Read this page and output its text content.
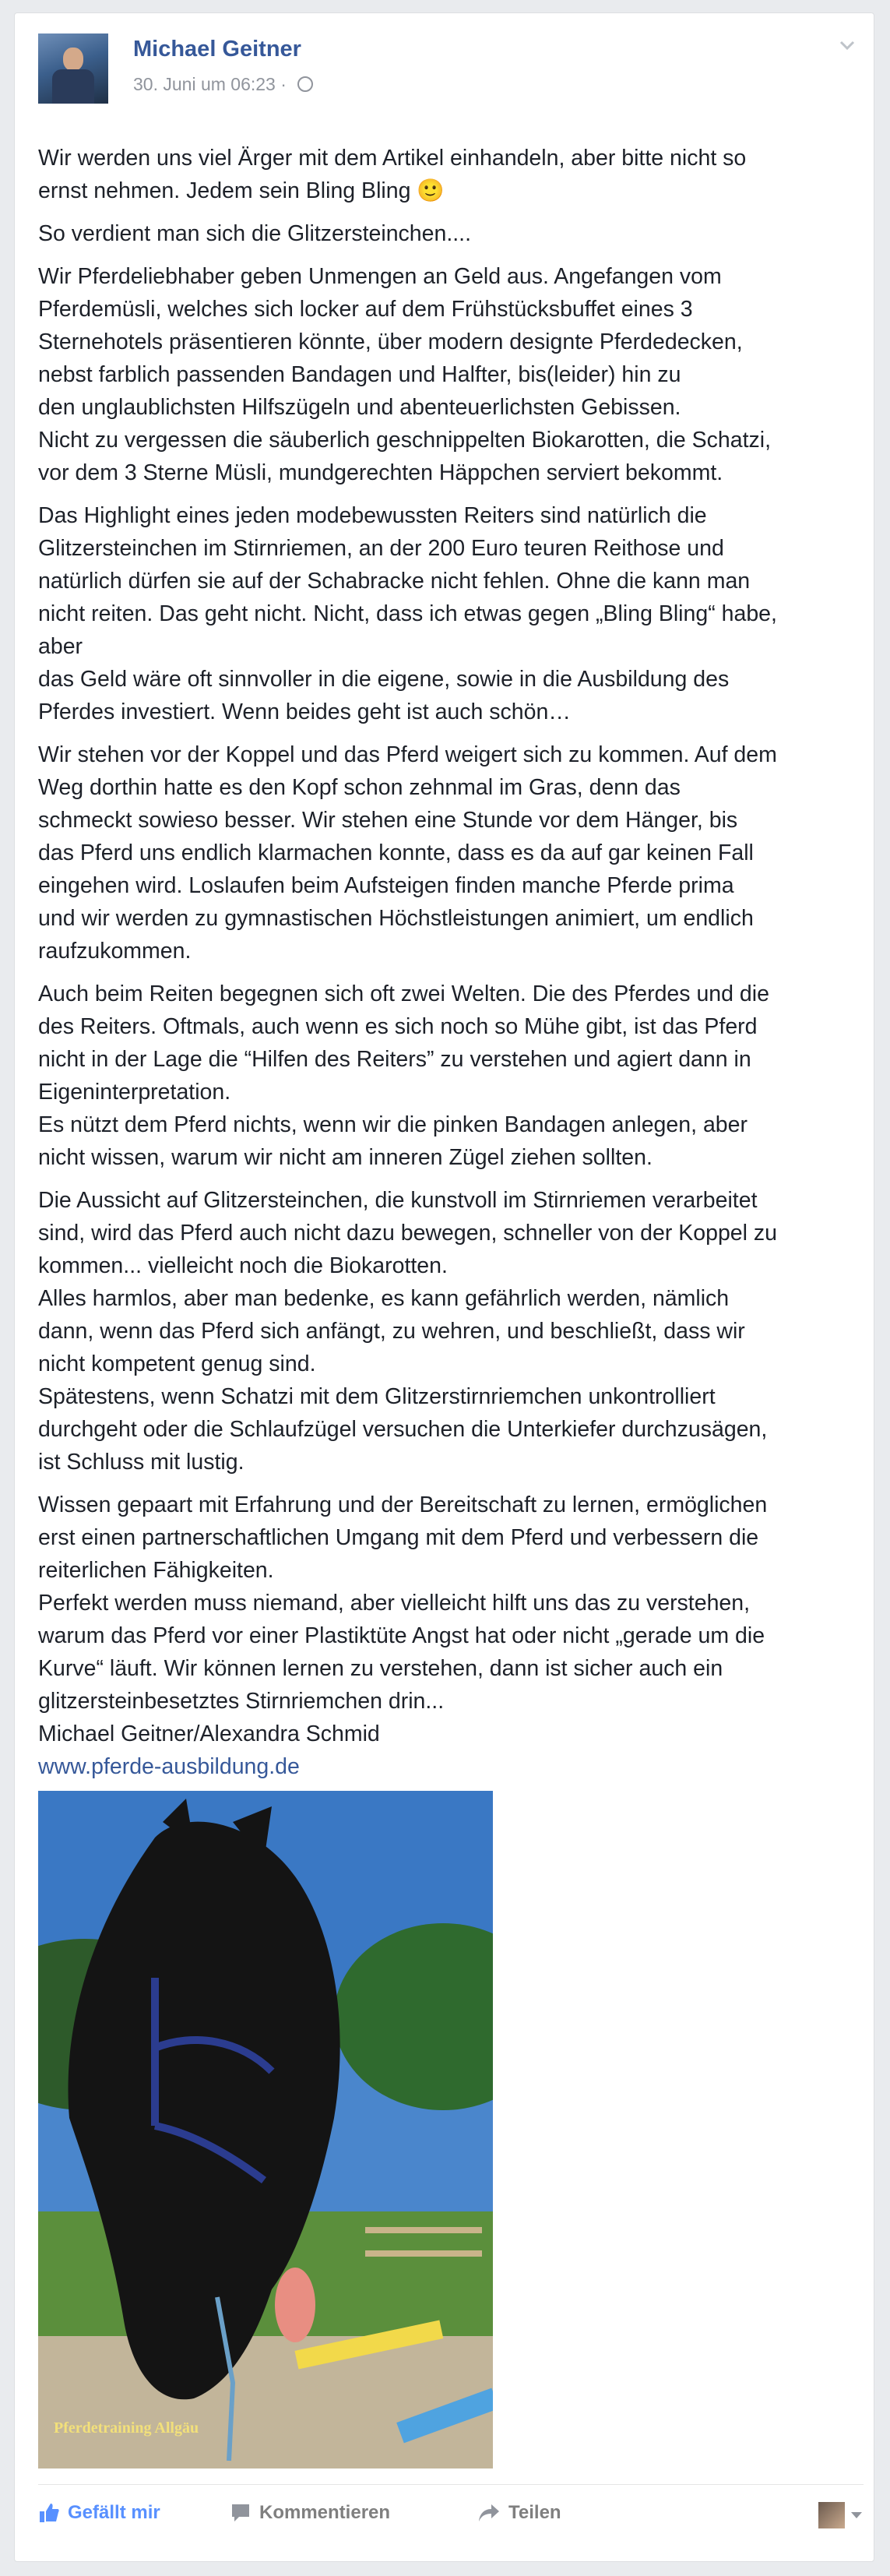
Michael Geitner
30. Juni um 06:23 ·

Wir werden uns viel Ärger mit dem Artikel einhandeln, aber bitte nicht so
ernst nehmen. Jedem sein Bling Bling 🙂

So verdient man sich die Glitzersteinchen....

Wir Pferdeliebhaber geben Unmengen an Geld aus. Angefangen vom
Pferdemüsli, welches sich locker auf dem Frühstücksbuffet eines 3
Sternehotels präsentieren könnte, über modern designte Pferdedecken,
nebst farblich passenden Bandagen und Halfter, bis(leider) hin zu
den unglaublichsten Hilfszügeln und abenteuerlichsten Gebissen.
Nicht zu vergessen die säuberlich geschnippelten Biokarotten, die Schatzi,
vor dem 3 Sterne Müsli, mundgerechten Häppchen serviert bekommt.

Das Highlight eines jeden modebewussten Reiters sind natürlich die
Glitzersteinchen im Stirnriemen, an der 200 Euro teuren Reithose und
natürlich dürfen sie auf der Schabracke nicht fehlen. Ohne die kann man
nicht reiten. Das geht nicht. Nicht, dass ich etwas gegen „Bling Bling“ habe,
aber
das Geld wäre oft sinnvoller in die eigene, sowie in die Ausbildung des
Pferdes investiert. Wenn beides geht ist auch schön…

Wir stehen vor der Koppel und das Pferd weigert sich zu kommen. Auf dem
Weg dorthin hatte es den Kopf schon zehnmal im Gras, denn das
schmeckt sowieso besser. Wir stehen eine Stunde vor dem Hänger, bis
das Pferd uns endlich klarmachen konnte, dass es da auf gar keinen Fall
eingehen wird. Loslaufen beim Aufsteigen finden manche Pferde prima
und wir werden zu gymnastischen Höchstleistungen animiert, um endlich
raufzukommen.

Auch beim Reiten begegnen sich oft zwei Welten. Die des Pferdes und die
des Reiters. Oftmals, auch wenn es sich noch so Mühe gibt, ist das Pferd
nicht in der Lage die “Hilfen des Reiters” zu verstehen und agiert dann in
Eigeninterpretation.
Es nützt dem Pferd nichts, wenn wir die pinken Bandagen anlegen, aber
nicht wissen, warum wir nicht am inneren Zügel ziehen sollten.

Die Aussicht auf Glitzersteinchen, die kunstvoll im Stirnriemen verarbeitet
sind, wird das Pferd auch nicht dazu bewegen, schneller von der Koppel zu
kommen... vielleicht noch die Biokarotten.
Alles harmlos, aber man bedenke, es kann gefährlich werden, nämlich
dann, wenn das Pferd sich anfängt, zu wehren, und beschließt, dass wir
nicht kompetent genug sind.
Spätestens, wenn Schatzi mit dem Glitzerstirnriemchen unkontrolliert
durchgeht oder die Schlaufzügel versuchen die Unterkiefer durchzusägen,
ist Schluss mit lustig.

Wissen gepaart mit Erfahrung und der Bereitschaft zu lernen, ermöglichen
erst einen partnerschaftlichen Umgang mit dem Pferd und verbessern die
reiterlichen Fähigkeiten.
Perfekt werden muss niemand, aber vielleicht hilft uns das zu verstehen,
warum das Pferd vor einer Plastiktüte Angst hat oder nicht „gerade um die
Kurve“ läuft. Wir können lernen zu verstehen, dann ist sicher auch ein
glitzersteinbesetztes Stirnriemchen drin...
Michael Geitner/Alexandra Schmid
www.pferde-ausbildung.de

Pferdetraining Allgäu
Gefällt mir	Kommentieren	Teilen
